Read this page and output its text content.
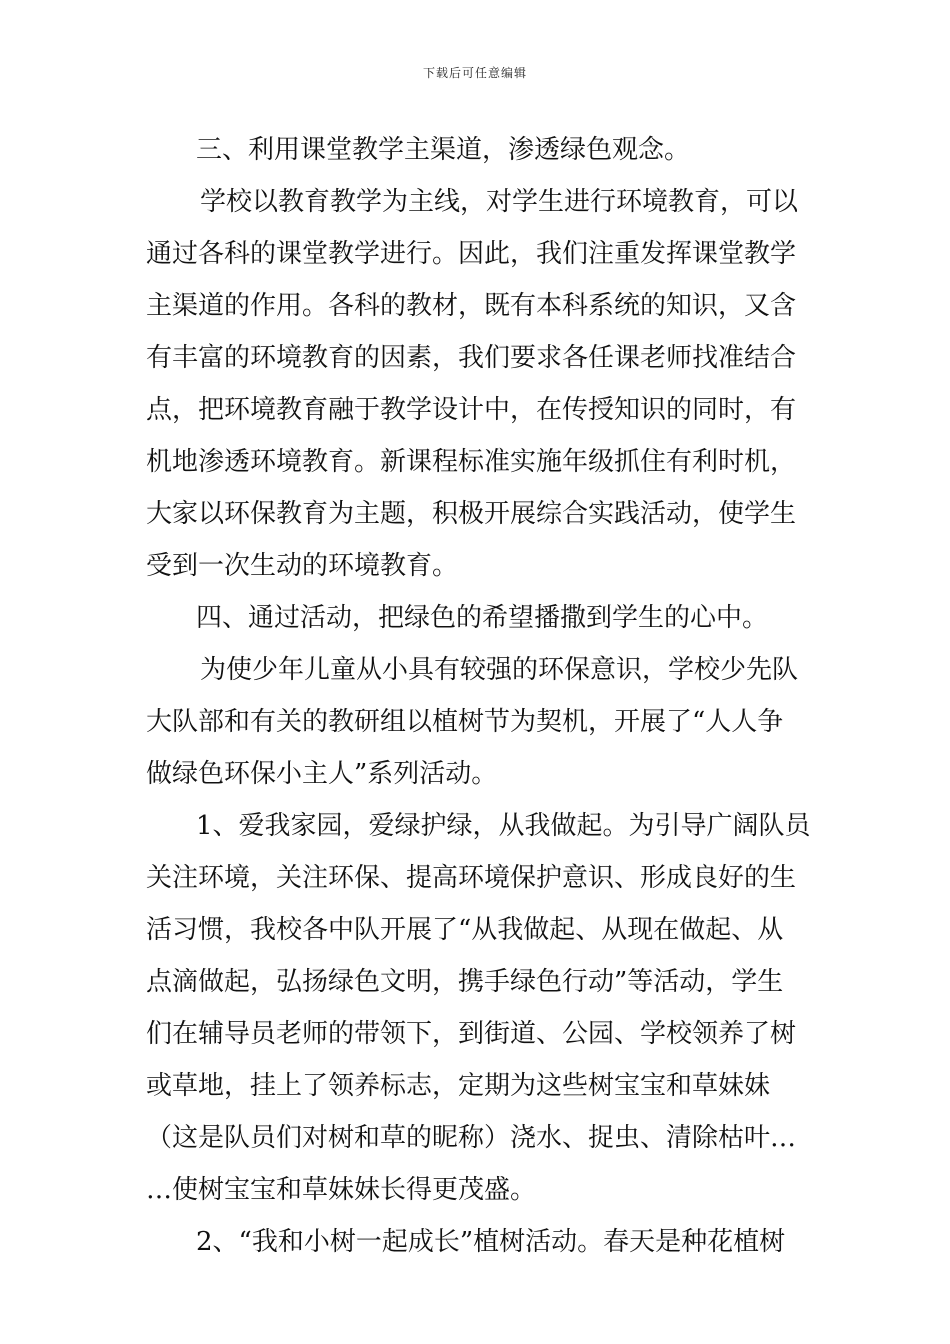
下载后可任意编辑
三、利用课堂教学主渠道，渗透绿色观念。
学校以教育教学为主线，对学生进行环境教育，可以
通过各科的课堂教学进行。因此，我们注重发挥课堂教学
主渠道的作用。各科的教材，既有本科系统的知识，又含
有丰富的环境教育的因素，我们要求各任课老师找准结合
点，把环境教育融于教学设计中，在传授知识的同时，有
机地渗透环境教育。新课程标准实施年级抓住有利时机，
大家以环保教育为主题，积极开展综合实践活动，使学生
受到一次生动的环境教育。
四、通过活动，把绿色的希望播撒到学生的心中。
为使少年儿童从小具有较强的环保意识，学校少先队
大队部和有关的教研组以植树节为契机，开展了“人人争
做绿色环保小主人”系列活动。
1、爱我家园，爱绿护绿，从我做起。为引导广阔队员
关注环境，关注环保、提高环境保护意识、形成良好的生
活习惯，我校各中队开展了“从我做起、从现在做起、从
点滴做起，弘扬绿色文明，携手绿色行动”等活动，学生
们在辅导员老师的带领下，到街道、公园、学校领养了树
或草地，挂上了领养标志，定期为这些树宝宝和草妹妹
（这是队员们对树和草的昵称）浇水、捉虫、清除枯叶…
…使树宝宝和草妹妹长得更茂盛。
2、“我和小树一起成长”植树活动。春天是种花植树
